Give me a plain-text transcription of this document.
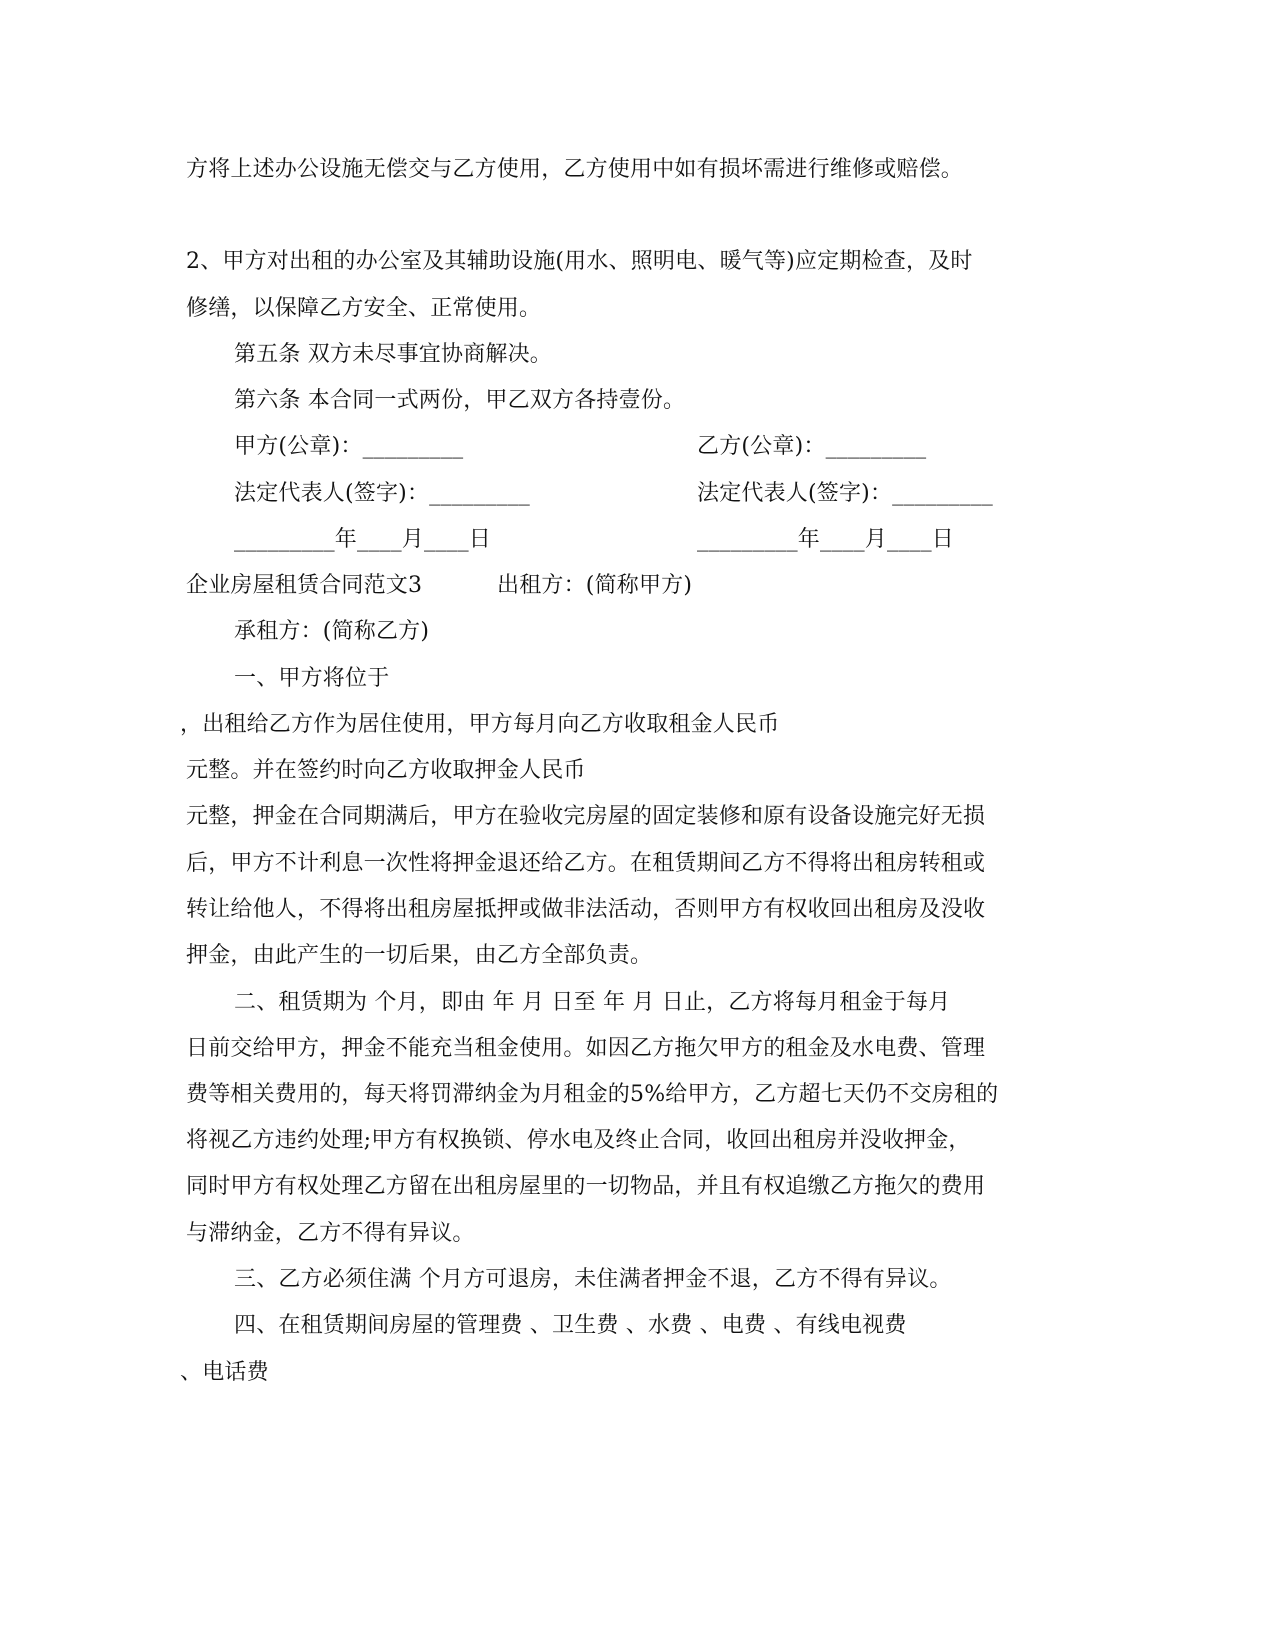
方将上述办公设施无偿交与乙方使用，乙方使用中如有损坏需进行维修或赔偿。
2、甲方对出租的办公室及其辅助设施(用水、照明电、暖气等)应定期检查，及时
修缮，以保障乙方安全、正常使用。
第五条 双方未尽事宜协商解决。
第六条 本合同一式两份，甲乙双方各持壹份。
甲方(公章)：_________	乙方(公章)：_________
法定代表人(签字)：_________	法定代表人(签字)：_________
_________年____月____日	_________年____月____日
企业房屋租赁合同范文3	出租方：(简称甲方)
承租方：(简称乙方)
一、甲方将位于
，出租给乙方作为居住使用，甲方每月向乙方收取租金人民币
元整。并在签约时向乙方收取押金人民币
元整，押金在合同期满后，甲方在验收完房屋的固定装修和原有设备设施完好无损
后，甲方不计利息一次性将押金退还给乙方。在租赁期间乙方不得将出租房转租或
转让给他人，不得将出租房屋抵押或做非法活动，否则甲方有权收回出租房及没收
押金，由此产生的一切后果，由乙方全部负责。
二、租赁期为 个月，即由 年 月 日至 年 月 日止，乙方将每月租金于每月
日前交给甲方，押金不能充当租金使用。如因乙方拖欠甲方的租金及水电费、管理
费等相关费用的，每天将罚滞纳金为月租金的5%给甲方，乙方超七天仍不交房租的
将视乙方违约处理;甲方有权换锁、停水电及终止合同，收回出租房并没收押金，
同时甲方有权处理乙方留在出租房屋里的一切物品，并且有权追缴乙方拖欠的费用
与滞纳金，乙方不得有异议。
三、乙方必须住满 个月方可退房，未住满者押金不退，乙方不得有异议。
四、在租赁期间房屋的管理费 、卫生费 、水费 、电费 、有线电视费
、电话费
